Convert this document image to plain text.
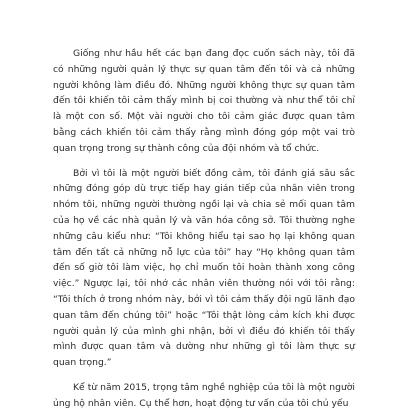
Giống như hầu hết các bạn đang đọc cuốn sách này, tôi đã có những người quản lý thực sự quan tâm đến tôi và cả những người không làm điều đó. Những người không thực sự quan tâm đến tôi khiến tôi cảm thấy mình bị coi thường và như thể tôi chỉ là một con số. Một vài người cho tôi cảm giác được quan tâm bằng cách khiến tôi cảm thấy rằng mình đóng góp một vai trò quan trọng trong sự thành công của đội nhóm và tổ chức.

Bởi vì tôi là một người biết đồng cảm, tôi đánh giá sâu sắc những đóng góp dù trực tiếp hay gián tiếp của nhân viên trong nhóm tôi, những người thường ngồi lại và chia sẻ mối quan tâm của họ về các nhà quản lý và văn hóa công sở. Tôi thường nghe những câu kiểu như: “Tôi không hiểu tại sao họ lại không quan tâm đến tất cả những nỗ lực của tôi” hay “Họ không quan tâm đến số giờ tôi làm việc, họ chỉ muốn tôi hoàn thành xong công việc.” Ngược lại, tôi nhớ các nhân viên thường nói với tôi rằng: “Tôi thích ở trong nhóm này, bởi vì tôi cảm thấy đội ngũ lãnh đạo quan tâm đến chúng tôi” hoặc “Tôi thật lòng cảm kích khi được người quản lý của mình ghi nhận, bởi vì điều đó khiến tôi thấy mình được quan tâm và dường như những gì tôi làm thực sự quan trọng.”

Kể từ năm 2015, trọng tâm nghề nghiệp của tôi là một người ủng hộ nhân viên. Cụ thể hơn, hoạt động tư vấn của tôi chủ yếu
